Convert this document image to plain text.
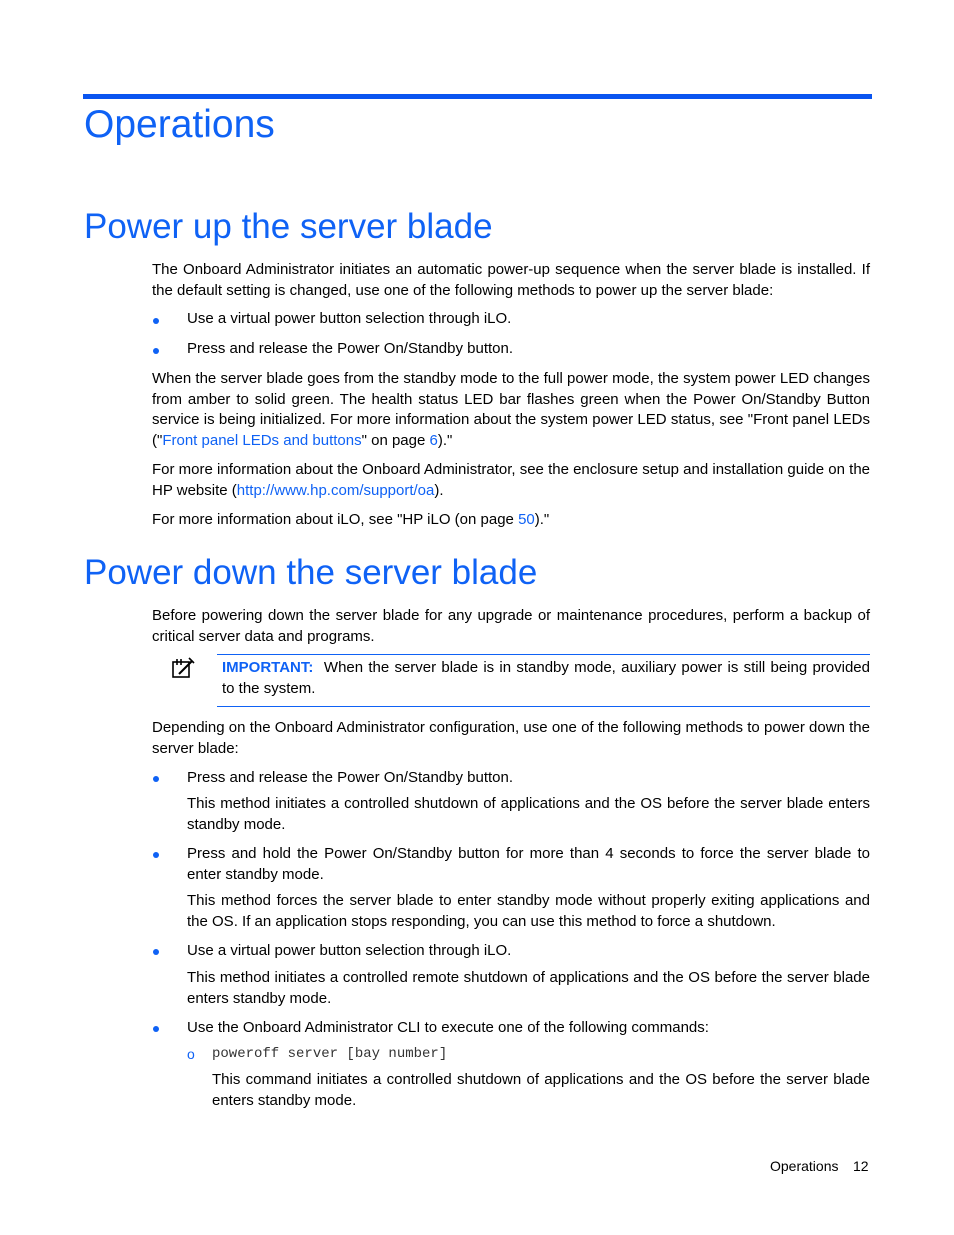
Operations
Power up the server blade

The Onboard Administrator initiates an automatic power-up sequence when the server blade is installed. If the default setting is changed, use one of the following methods to power up the server blade:

Use a virtual power button selection through iLO.

Press and release the Power On/Standby button.

When the server blade goes from the standby mode to the full power mode, the system power LED changes from amber to solid green. The health status LED bar flashes green when the Power On/Standby Button service is being initialized. For more information about the system power LED status, see "Front panel LEDs ("Front panel LEDs and buttons" on page 6)."

For more information about the Onboard Administrator, see the enclosure setup and installation guide on the HP website (http://www.hp.com/support/oa).

For more information about iLO, see "HP iLO (on page 50)."

Power down the server blade

Before powering down the server blade for any upgrade or maintenance procedures, perform a backup of critical server data and programs.

IMPORTANT: When the server blade is in standby mode, auxiliary power is still being provided to the system.

Depending on the Onboard Administrator configuration, use one of the following methods to power down the server blade:

Press and release the Power On/Standby button.

This method initiates a controlled shutdown of applications and the OS before the server blade enters standby mode.

Press and hold the Power On/Standby button for more than 4 seconds to force the server blade to enter standby mode.

This method forces the server blade to enter standby mode without properly exiting applications and the OS. If an application stops responding, you can use this method to force a shutdown.

Use a virtual power button selection through iLO.

This method initiates a controlled remote shutdown of applications and the OS before the server blade enters standby mode.

Use the Onboard Administrator CLI to execute one of the following commands:

o poweroff server [bay number]

This command initiates a controlled shutdown of applications and the OS before the server blade enters standby mode.

Operations 12
